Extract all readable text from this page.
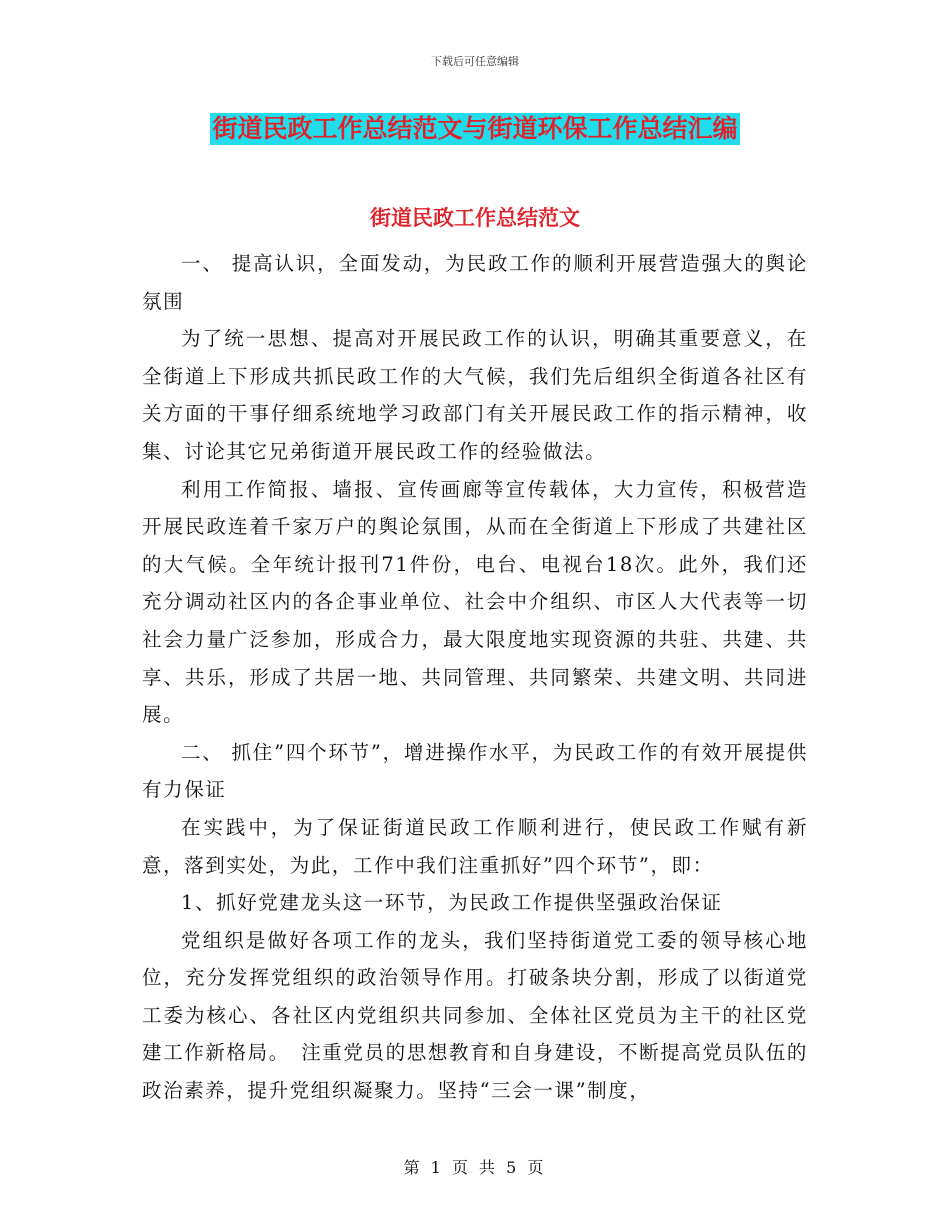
下载后可任意编辑
街道民政工作总结范文与街道环保工作总结汇编
街道民政工作总结范文

一、 提高认识，全面发动，为民政工作的顺利开展营造强大的舆论氛围

为了统一思想、提高对开展民政工作的认识，明确其重要意义，在全街道上下形成共抓民政工作的大气候，我们先后组织全街道各社区有关方面的干事仔细系统地学习政部门有关开展民政工作的指示精神，收集、讨论其它兄弟街道开展民政工作的经验做法。

利用工作简报、墙报、宣传画廊等宣传载体，大力宣传，积极营造开展民政连着千家万户的舆论氛围，从而在全街道上下形成了共建社区的大气候。全年统计报刊71件份，电台、电视台18次。此外，我们还充分调动社区内的各企事业单位、社会中介组织、市区人大代表等一切社会力量广泛参加，形成合力，最大限度地实现资源的共驻、共建、共享、共乐，形成了共居一地、共同管理、共同繁荣、共建文明、共同进展。

二、 抓住”四个环节”，增进操作水平，为民政工作的有效开展提供有力保证

在实践中，为了保证街道民政工作顺利进行，使民政工作赋有新意，落到实处，为此，工作中我们注重抓好”四个环节”，即：

1、抓好党建龙头这一环节，为民政工作提供坚强政治保证

党组织是做好各项工作的龙头，我们坚持街道党工委的领导核心地位，充分发挥党组织的政治领导作用。打破条块分割，形成了以街道党工委为核心、各社区内党组织共同参加、全体社区党员为主干的社区党建工作新格局。　注重党员的思想教育和自身建设，不断提高党员队伍的政治素养，提升党组织凝聚力。坚持“三会一课”制度，

第 1 页 共 5 页
